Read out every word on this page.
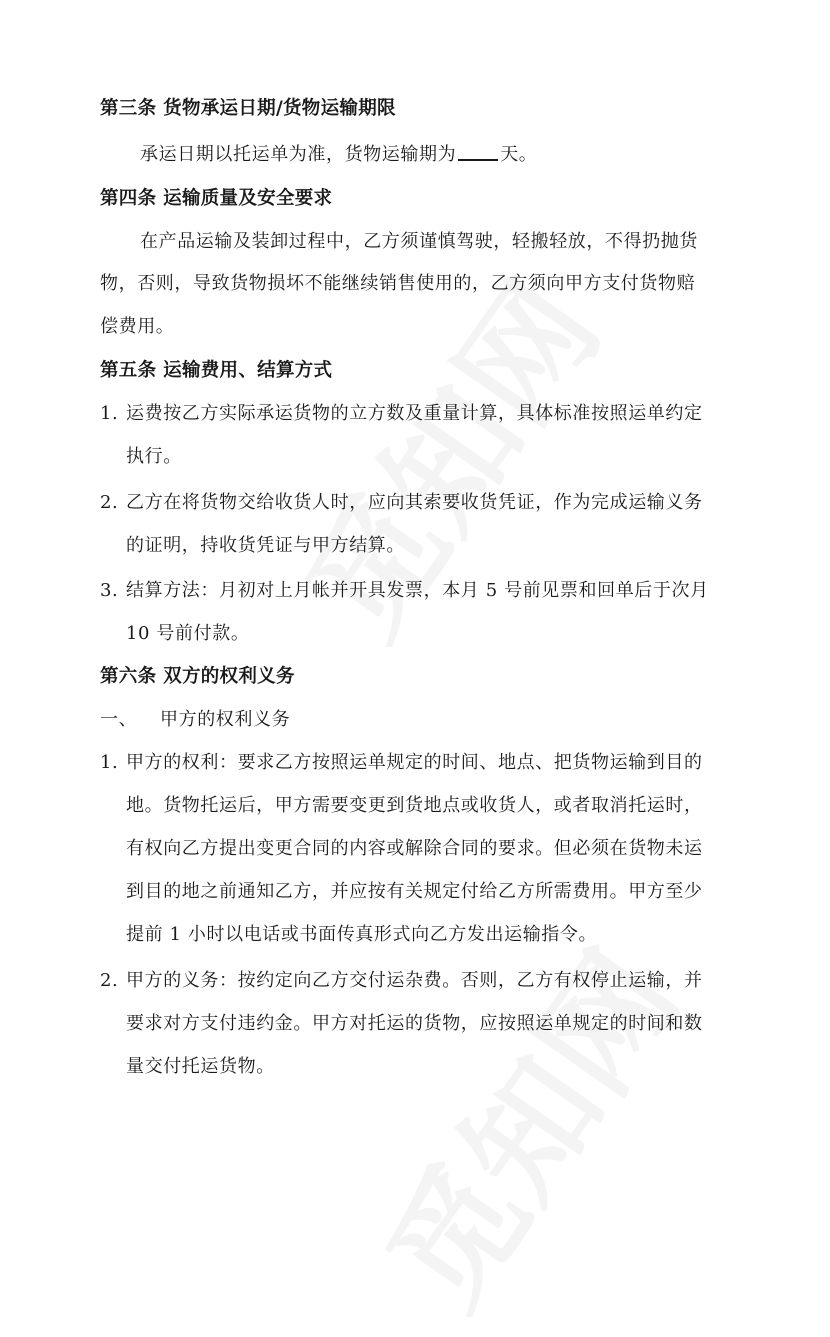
第三条 货物承运日期/货物运输期限
承运日期以托运单为准，货物运输期为 天。
第四条 运输质量及安全要求
在产品运输及装卸过程中，乙方须谨慎驾驶，轻搬轻放，不得扔抛货
物，否则，导致货物损坏不能继续销售使用的，乙方须向甲方支付货物赔
偿费用。
第五条 运输费用、结算方式
1. 运费按乙方实际承运货物的立方数及重量计算，具体标准按照运单约定
执行。
2. 乙方在将货物交给收货人时，应向其索要收货凭证，作为完成运输义务
的证明，持收货凭证与甲方结算。
3. 结算方法：月初对上月帐并开具发票，本月 5 号前见票和回单后于次月
10 号前付款。
第六条 双方的权利义务
一、 甲方的权利义务
1. 甲方的权利：要求乙方按照运单规定的时间、地点、把货物运输到目的
地。货物托运后，甲方需要变更到货地点或收货人，或者取消托运时，
有权向乙方提出变更合同的内容或解除合同的要求。但必须在货物未运
到目的地之前通知乙方，并应按有关规定付给乙方所需费用。甲方至少
提前 1 小时以电话或书面传真形式向乙方发出运输指令。
2. 甲方的义务：按约定向乙方交付运杂费。否则，乙方有权停止运输，并
要求对方支付违约金。甲方对托运的货物，应按照运单规定的时间和数
量交付托运货物。
